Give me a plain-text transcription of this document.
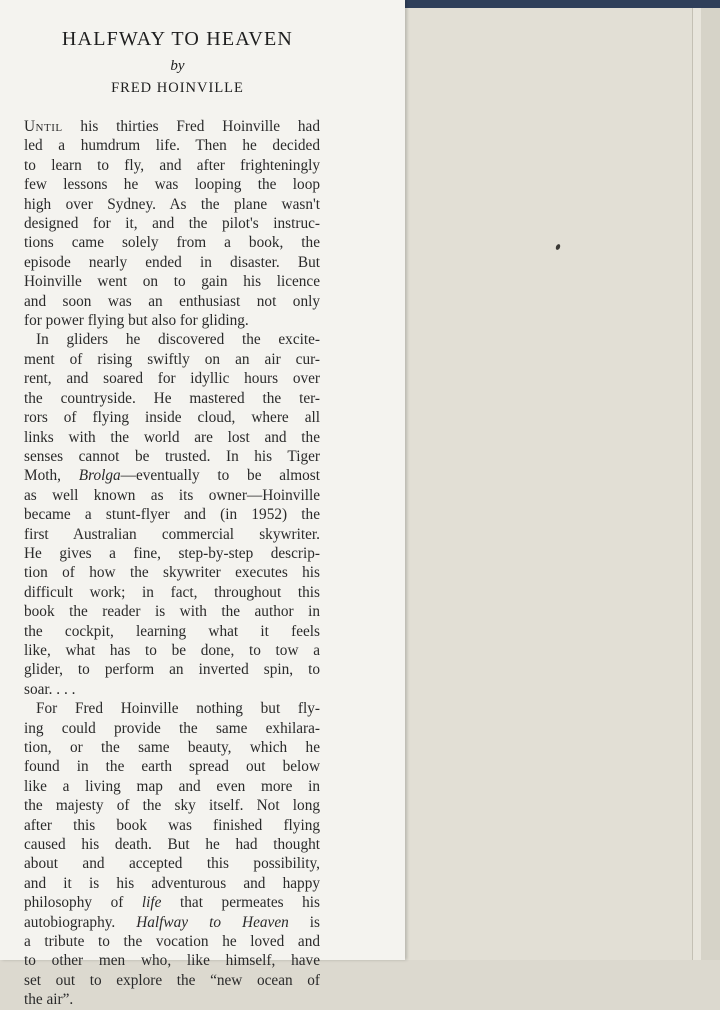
HALFWAY TO HEAVEN
by
FRED HOINVILLE
Until his thirties Fred Hoinville had
led a humdrum life. Then he decided
to learn to fly, and after frighteningly
few lessons he was looping the loop
high over Sydney. As the plane wasn't
designed for it, and the pilot's instruc-
tions came solely from a book, the
episode nearly ended in disaster. But
Hoinville went on to gain his licence
and soon was an enthusiast not only
for power flying but also for gliding.
In gliders he discovered the excite-
ment of rising swiftly on an air cur-
rent, and soared for idyllic hours over
the countryside. He mastered the ter-
rors of flying inside cloud, where all
links with the world are lost and the
senses cannot be trusted. In his Tiger
Moth, Brolga—eventually to be almost
as well known as its owner—Hoinville
became a stunt-flyer and (in 1952) the
first Australian commercial skywriter.
He gives a fine, step-by-step descrip-
tion of how the skywriter executes his
difficult work; in fact, throughout this
book the reader is with the author in
the cockpit, learning what it feels
like, what has to be done, to tow a
glider, to perform an inverted spin, to
soar. . . .
For Fred Hoinville nothing but fly-
ing could provide the same exhilara-
tion, or the same beauty, which he
found in the earth spread out below
like a living map and even more in
the majesty of the sky itself. Not long
after this book was finished flying
caused his death. But he had thought
about and accepted this possibility,
and it is his adventurous and happy
philosophy of life that permeates his
autobiography. Halfway to Heaven is
a tribute to the vocation he loved and
to other men who, like himself, have
set out to explore the “new ocean of
the air”.
